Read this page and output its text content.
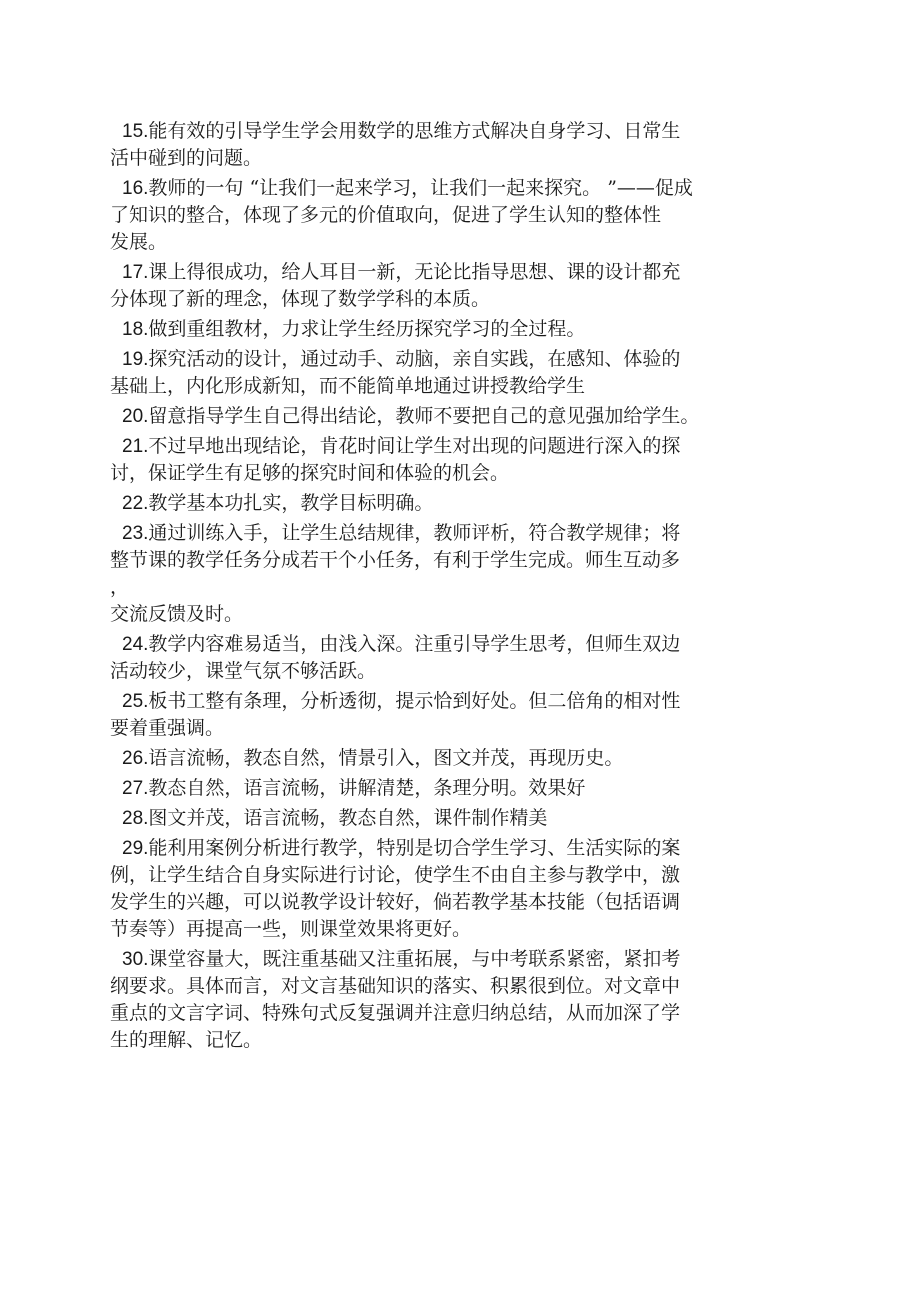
15.能有效的引导学生学会用数学的思维方式解决自身学习、日常生
活中碰到的问题。
16.教师的一句 “让我们一起来学习，让我们一起来探究。 ”——促成
了知识的整合，体现了多元的价值取向，促进了学生认知的整体性
发展。
17.课上得很成功，给人耳目一新，无论比指导思想、课的设计都充
分体现了新的理念，体现了数学学科的本质。
18.做到重组教材，力求让学生经历探究学习的全过程。
19.探究活动的设计，通过动手、动脑，亲自实践，在感知、体验的
基础上，内化形成新知，而不能简单地通过讲授教给学生
20.留意指导学生自己得出结论，教师不要把自己的意见强加给学生。
21.不过早地出现结论，肯花时间让学生对出现的问题进行深入的探
讨，保证学生有足够的探究时间和体验的机会。
22.教学基本功扎实，教学目标明确。
23.通过训练入手，让学生总结规律，教师评析，符合教学规律；将
整节课的教学任务分成若干个小任务，有利于学生完成。师生互动多
，
交流反馈及时。
24.教学内容难易适当，由浅入深。注重引导学生思考，但师生双边
活动较少，课堂气氛不够活跃。
25.板书工整有条理，分析透彻，提示恰到好处。但二倍角的相对性
要着重强调。
26.语言流畅，教态自然，情景引入，图文并茂，再现历史。
27.教态自然，语言流畅，讲解清楚，条理分明。效果好
28.图文并茂，语言流畅，教态自然，课件制作精美
29.能利用案例分析进行教学，特别是切合学生学习、生活实际的案
例，让学生结合自身实际进行讨论，使学生不由自主参与教学中，激
发学生的兴趣，可以说教学设计较好，倘若教学基本技能（包括语调
节奏等）再提高一些，则课堂效果将更好。
30.课堂容量大，既注重基础又注重拓展，与中考联系紧密，紧扣考
纲要求。具体而言，对文言基础知识的落实、积累很到位。对文章中
重点的文言字词、特殊句式反复强调并注意归纳总结，从而加深了学
生的理解、记忆。
